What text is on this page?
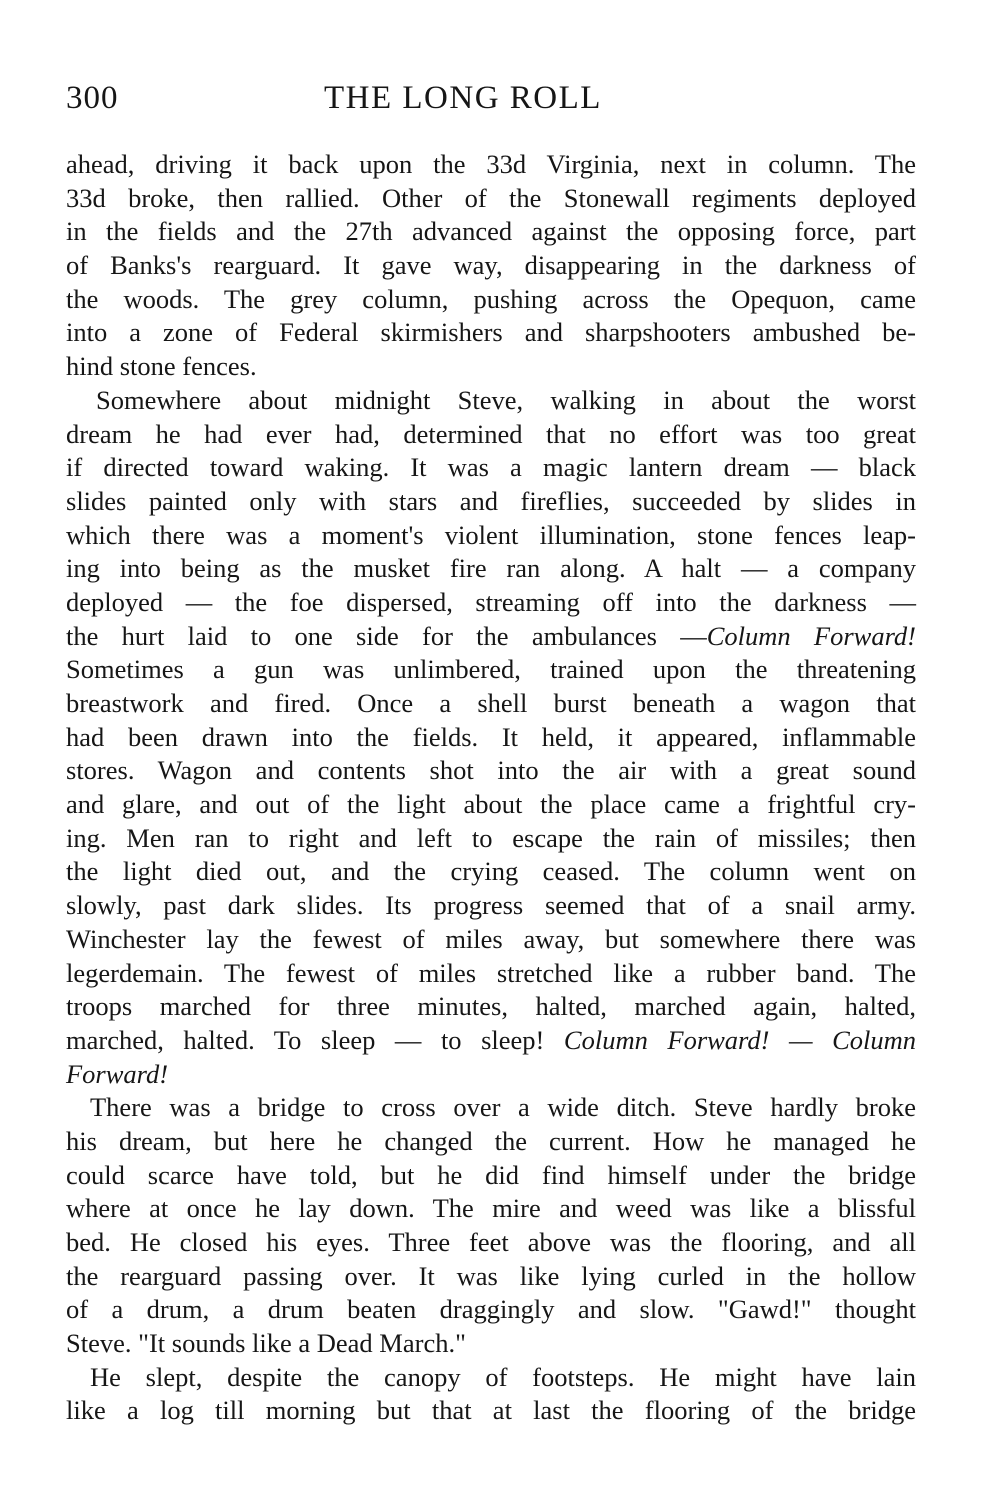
300	THE LONG ROLL
ahead, driving it back upon the 33d Virginia, next in column. The
33d broke, then rallied. Other of the Stonewall regiments deployed
in the fields and the 27th advanced against the opposing force, part
of Banks's rearguard. It gave way, disappearing in the darkness of
the woods. The grey column, pushing across the Opequon, came
into a zone of Federal skirmishers and sharpshooters ambushed be-
hind stone fences.
Somewhere about midnight Steve, walking in about the worst
dream he had ever had, determined that no effort was too great
if directed toward waking. It was a magic lantern dream — black
slides painted only with stars and fireflies, succeeded by slides in
which there was a moment's violent illumination, stone fences leap-
ing into being as the musket fire ran along. A halt — a company
deployed — the foe dispersed, streaming off into the darkness —
the hurt laid to one side for the ambulances —Column Forward!
Sometimes a gun was unlimbered, trained upon the threatening
breastwork and fired. Once a shell burst beneath a wagon that
had been drawn into the fields. It held, it appeared, inflammable
stores. Wagon and contents shot into the air with a great sound
and glare, and out of the light about the place came a frightful cry-
ing. Men ran to right and left to escape the rain of missiles; then
the light died out, and the crying ceased. The column went on
slowly, past dark slides. Its progress seemed that of a snail army.
Winchester lay the fewest of miles away, but somewhere there was
legerdemain. The fewest of miles stretched like a rubber band. The
troops marched for three minutes, halted, marched again, halted,
marched, halted. To sleep — to sleep! Column Forward! — Column
Forward!
There was a bridge to cross over a wide ditch. Steve hardly broke
his dream, but here he changed the current. How he managed he
could scarce have told, but he did find himself under the bridge
where at once he lay down. The mire and weed was like a blissful
bed. He closed his eyes. Three feet above was the flooring, and all
the rearguard passing over. It was like lying curled in the hollow
of a drum, a drum beaten draggingly and slow. "Gawd!" thought
Steve. "It sounds like a Dead March."
He slept, despite the canopy of footsteps. He might have lain
like a log till morning but that at last the flooring of the bridge
